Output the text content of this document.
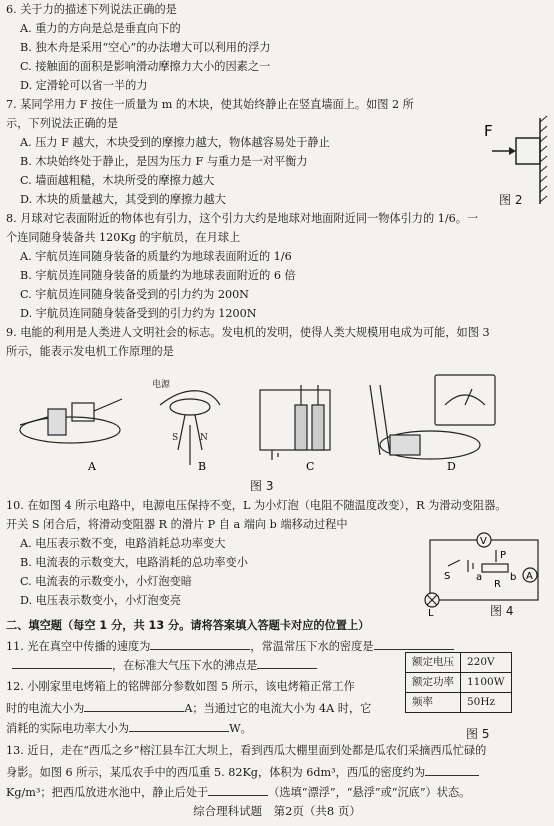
6. 关于力的描述下列说法正确的是
A. 重力的方向是总是垂直向下的
B. 独木舟是采用“空心”的办法增大可以利用的浮力
C. 接触面的面积是影响滑动摩擦力大小的因素之一
D. 定滑轮可以省一半的力
7. 某同学用力 F 按住一质量为 m 的木块，使其始终静止在竖直墙面上。如图 2 所
示，下列说法正确的是
A. 压力 F 越大，木块受到的摩擦力越大，物体越容易处于静止
B. 木块始终处于静止，是因为压力 F 与重力是一对平衡力
C. 墙面越粗糙，木块所受的摩擦力越大
D. 木块的质量越大，其受到的摩擦力越大
F
图 2
8. 月球对它表面附近的物体也有引力，这个引力大约是地球对地面附近同一物体引力的 1/6。一
个连同随身装备共 120Kg 的宇航员，在月球上
A. 宇航员连同随身装备的质量约为地球表面附近的 1/6
B. 宇航员连同随身装备的质量约为地球表面附近的 6 倍
C. 宇航员连同随身装备受到的引力约为 200N
D. 宇航员连同随身装备受到的引力约为 1200N
9. 电能的利用是人类进人文明社会的标志。发电机的发明，使得人类大规模用电成为可能，如图 3
所示，能表示发电机工作原理的是
电源
S N
A	B	C	D
图 3
10. 在如图 4 所示电路中，电源电压保持不变，L 为小灯泡（电阻不随温度改变），R 为滑动变阻器。
开关 S 闭合后，将滑动变阻器 R 的滑片 P 自 a 端向 b 端移动过程中
A. 电压表示数不变，电路消耗总功率变大
B. 电流表的示数变大，电路消耗的总功率变小
C. 电流表的示数变小，小灯泡变暗
D. 电压表示数变小，小灯泡变亮
V
A
S
P
R
a	b
L	图 4
二、填空题（每空 1 分，共 13 分。请将答案填入答题卡对应的位置上）
11. 光在真空中传播的速度为	，常温常压下水的密度是
，在标准大气压下水的沸点是
12. 小刚家里电烤箱上的铭牌部分参数如图 5 所示，该电烤箱正常工作
时的电流大小为	A；当通过它的电流大小为 4A 时，它
消耗的实际电功率大小为	W。
额定电压	220V
额定功率	1100W
频率	50Hz
图 5
13. 近日，走在“西瓜之乡”榕江县车江大坝上，看到西瓜大棚里面到处都是瓜农们采摘西瓜忙碌的
身影。如图 6 所示，某瓜农手中的西瓜重 5. 82Kg，体积为 6dm³，西瓜的密度约为
Kg/m³；把西瓜放进水池中，静止后处于	（选填“漂浮”，“悬浮”或“沉底”）状态。
综合理科试题　第2页（共8 页）
